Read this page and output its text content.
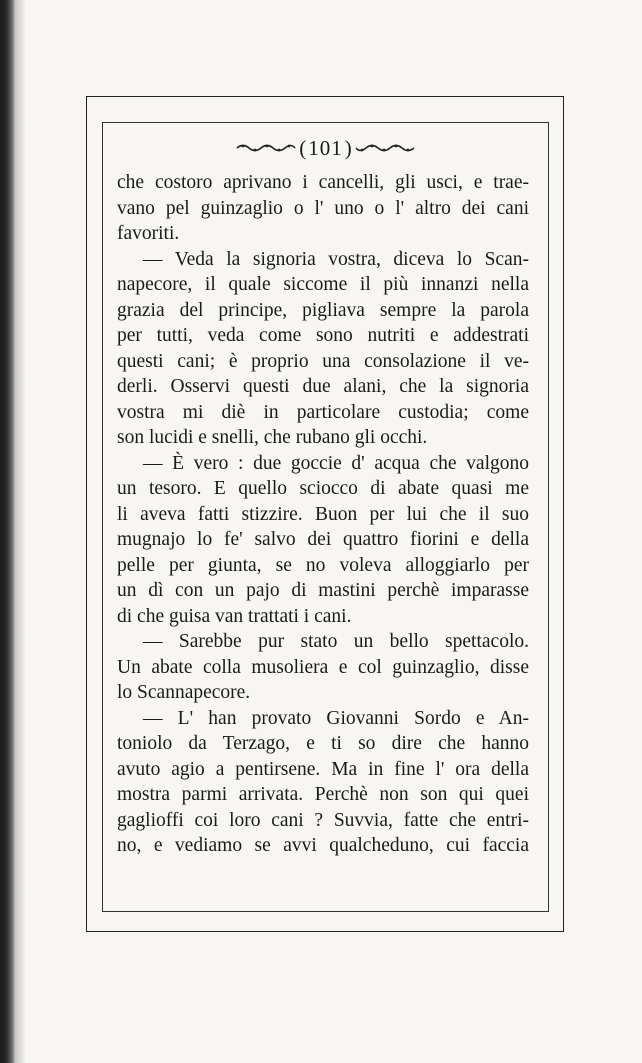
( 101 )
che costoro aprivano i cancelli, gli usci, e trae-
vano pel guinzaglio o l' uno o l' altro dei cani
favoriti.
— Veda la signoria vostra, diceva lo Scan-
napecore, il quale siccome il più innanzi nella
grazia del principe, pigliava sempre la parola
per tutti, veda come sono nutriti e addestrati
questi cani; è proprio una consolazione il ve-
derli. Osservi questi due alani, che la signoria
vostra mi diè in particolare custodia; come
son lucidi e snelli, che rubano gli occhi.
— È vero : due goccie d' acqua che valgono
un tesoro. E quello sciocco di abate quasi me
li aveva fatti stizzire. Buon per lui che il suo
mugnajo lo fe' salvo dei quattro fiorini e della
pelle per giunta, se no voleva alloggiarlo per
un dì con un pajo di mastini perchè imparasse
di che guisa van trattati i cani.
— Sarebbe pur stato un bello spettacolo.
Un abate colla musoliera e col guinzaglio, disse
lo Scannapecore.
— L' han provato Giovanni Sordo e An-
toniolo da Terzago, e ti so dire che hanno
avuto agio a pentirsene. Ma in fine l' ora della
mostra parmi arrivata. Perchè non son qui quei
gaglioffi coi loro cani ? Suvvia, fatte che entri-
no, e vediamo se avvi qualcheduno, cui faccia
